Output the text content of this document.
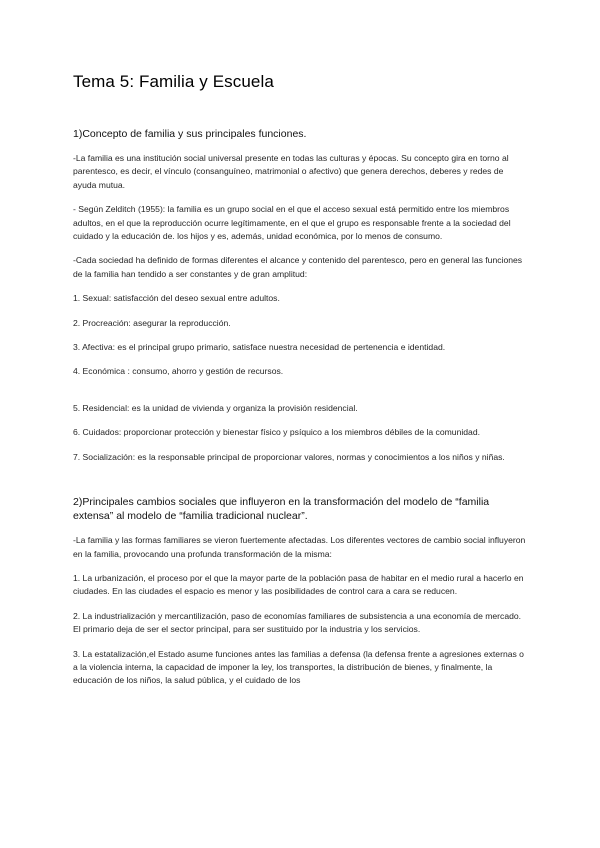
Tema 5: Familia y Escuela

1)Concepto de familia y sus principales funciones.

-La familia es una institución social universal presente en todas las culturas y épocas. Su concepto gira en torno al parentesco, es decir, el vínculo (consanguíneo, matrimonial o afectivo) que genera derechos, deberes y redes de ayuda mutua.

- Según Zelditch (1955): la familia es un grupo social en el que el acceso sexual está permitido entre los miembros adultos, en el que la reproducción ocurre legítimamente, en el que el grupo es responsable frente a la sociedad del cuidado y la educación de. los hijos y es, además, unidad económica, por lo menos de consumo.

-Cada sociedad ha definido de formas diferentes el alcance y contenido del parentesco, pero en general las funciones de la familia han tendido a ser constantes y de gran amplitud:

1. Sexual: satisfacción del deseo sexual entre adultos.

2. Procreación: asegurar la reproducción.

3. Afectiva: es el principal grupo primario, satisface nuestra necesidad de pertenencia e identidad.

4. Económica : consumo, ahorro y gestión de recursos.

5. Residencial: es la unidad de vivienda y organiza la provisión residencial.

6. Cuidados: proporcionar protección y bienestar físico y psíquico a los miembros débiles de la comunidad.

7. Socialización: es la responsable principal de proporcionar valores, normas y conocimientos a los niños y niñas.

2)Principales cambios sociales que influyeron en la transformación del modelo de “familia extensa” al modelo de “familia tradicional nuclear”.

-La familia y las formas familiares se vieron fuertemente afectadas. Los diferentes vectores de cambio social influyeron en la familia, provocando una profunda transformación de la misma:

1. La urbanización, el proceso por el que la mayor parte de la población pasa de habitar en el medio rural a hacerlo en ciudades. En las ciudades el espacio es menor y las posibilidades de control cara a cara se reducen.

2. La industrialización y mercantilización, paso de economías familiares de subsistencia a una economía de mercado. El primario deja de ser el sector principal, para ser sustituido por la industria y los servicios.

3. La estatalización,el Estado asume funciones antes las familias a defensa (la defensa frente a agresiones externas o a la violencia interna, la capacidad de imponer la ley, los transportes, la distribución de bienes, y finalmente, la educación de los niños, la salud pública, y el cuidado de los
